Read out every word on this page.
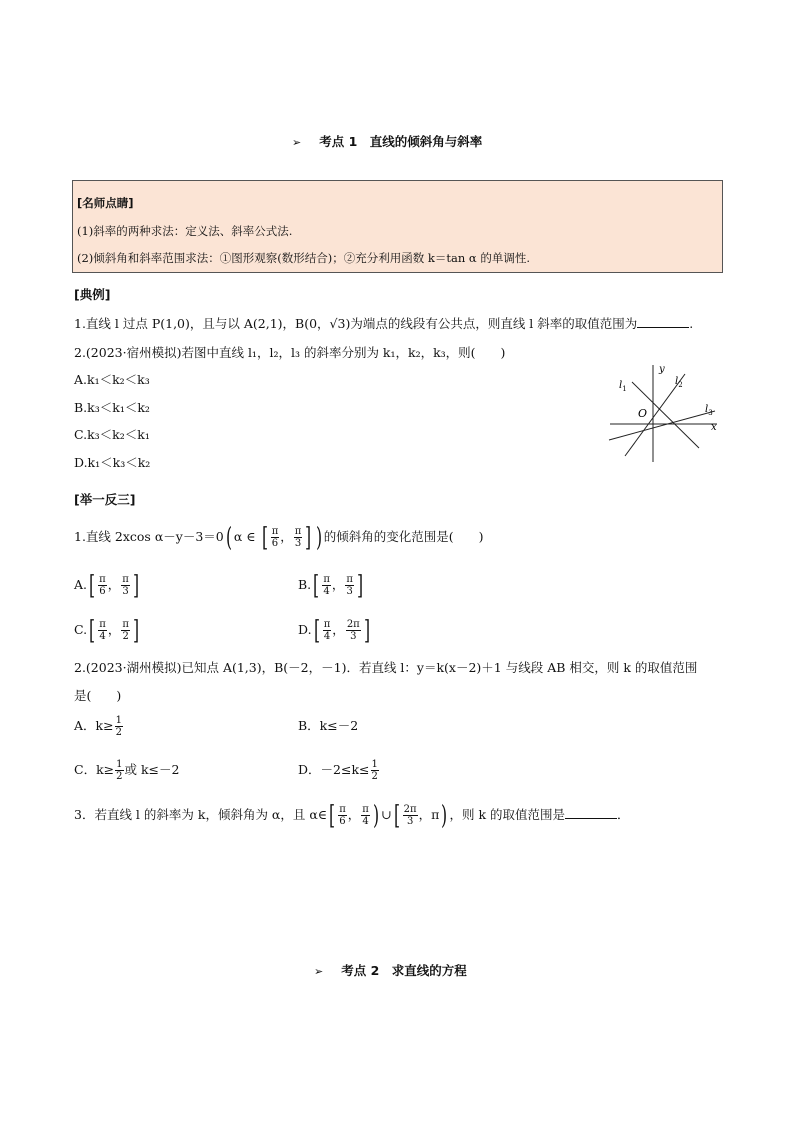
➢ 考点 1　直线的倾斜角与斜率
[名师点睛]
(1)斜率的两种求法：定义法、斜率公式法.
(2)倾斜角和斜率范围求法：①图形观察(数形结合)；②充分利用函数 k＝tan α 的单调性.
[典例]
1.直线 l 过点 P(1,0)，且与以 A(2,1)，B(0，√3)为端点的线段有公共点，则直线 l 斜率的取值范围为	.
2.(2023·宿州模拟)若图中直线 l₁，l₂，l₃ 的斜率分别为 k₁，k₂，k₃，则(　　)
A.k₁＜k₂＜k₃
B.k₃＜k₁＜k₂
C.k₃＜k₂＜k₁
D.k₁＜k₃＜k₂
y
x
O
$l_1$
$l_2$
$l_3$
[举一反三]
1.直线 2xcos α－y－3＝0( α ∈ [ $\frac{\pi}{6}$ ， $\frac{\pi}{3}$ ] ) 的倾斜角的变化范围是(　　)
$A.[ \frac{\pi}{6}$ ， $\frac{\pi}{3}$ ]	$B.[ \frac{\pi}{4}$ ， $\frac{\pi}{3}$ ]
$C.[ \frac{\pi}{4}$ ， $\frac{\pi}{2}$ ]	$D.[ \frac{\pi}{4}$ ， $\frac{2\pi}{3}$ ]
2.(2023·湖州模拟)已知点 A(1,3)，B(－2，－1)．若直线 l：y＝k(x－2)＋1 与线段 AB 相交，则 k 的取值范围
是(　　)
A．$k\ge \frac{1}{2}$	B．k≤－2
C．$k\ge \frac{1}{2}$ 或 k≤－2	D．$-2\le k\le \frac{1}{2}$
3．若直线 l 的斜率为 k，倾斜角为 α，且 α∈[ $\frac{\pi}{6}$ ， $\frac{\pi}{4}$ ) ∪[ $\frac{2\pi}{3}$ ，π) ，则 k 的取值范围是	．
➢ 考点 2　求直线的方程
